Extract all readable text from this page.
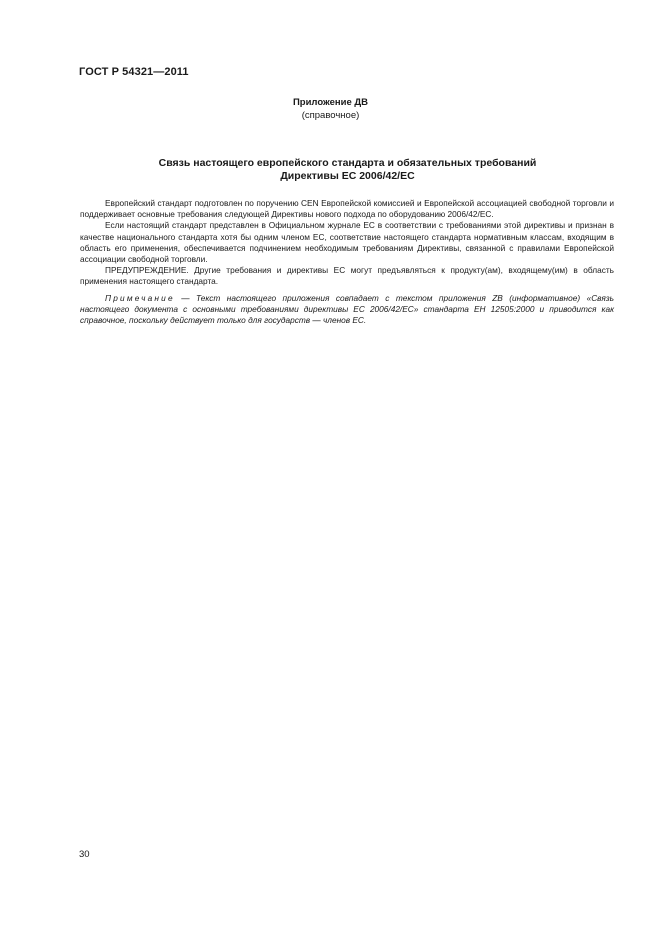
ГОСТ Р 54321—2011
Приложение ДВ
(справочное)
Связь настоящего европейского стандарта и обязательных требований
Директивы ЕС 2006/42/ЕС

Европейский стандарт подготовлен по поручению CEN Европейской комиссией и Европейской ассоциацией свободной торговли и поддерживает основные требования следующей Директивы нового подхода по оборудованию 2006/42/ЕС.

Если настоящий стандарт представлен в Официальном журнале ЕС в соответствии с требованиями этой директивы и признан в качестве национального стандарта хотя бы одним членом ЕС, соответствие настоящего стандарта нормативным классам, входящим в область его применения, обеспечивается подчинением необходимым требованиям Директивы, связанной с правилами Европейской ассоциации свободной торговли.

ПРЕДУПРЕЖДЕНИЕ. Другие требования и директивы ЕС могут предъявляться к продукту(ам), входящему(им) в область применения настоящего стандарта.

Примечание — Текст настоящего приложения совпадает с текстом приложения ZB (информативное) «Связь настоящего документа с основными требованиями директивы ЕС 2006/42/ЕС» стандарта ЕН 12505:2000 и приводится как справочное, поскольку действует только для государств — членов ЕС.

30
